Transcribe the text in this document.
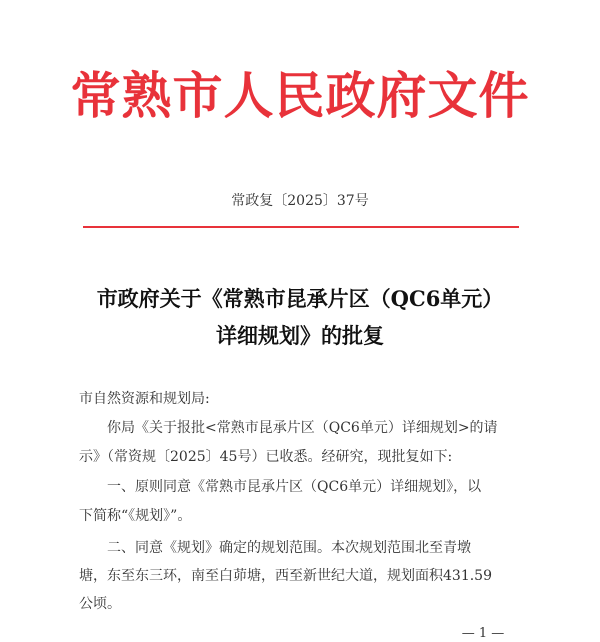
常熟市人民政府文件
常政复〔2025〕37号
市政府关于《常熟市昆承片区（QC6单元）
详细规划》的批复
市自然资源和规划局:
你局《关于报批<常熟市昆承片区（QC6单元）详细规划>的请
示》（常资规〔2025〕45号）已收悉。经研究，现批复如下:
一、原则同意《常熟市昆承片区（QC6单元）详细规划》，以
下简称“《规划》”。
二、同意《规划》确定的规划范围。本次规划范围北至青墩
塘，东至东三环，南至白茆塘，西至新世纪大道，规划面积431.59
公顷。
— 1 —
